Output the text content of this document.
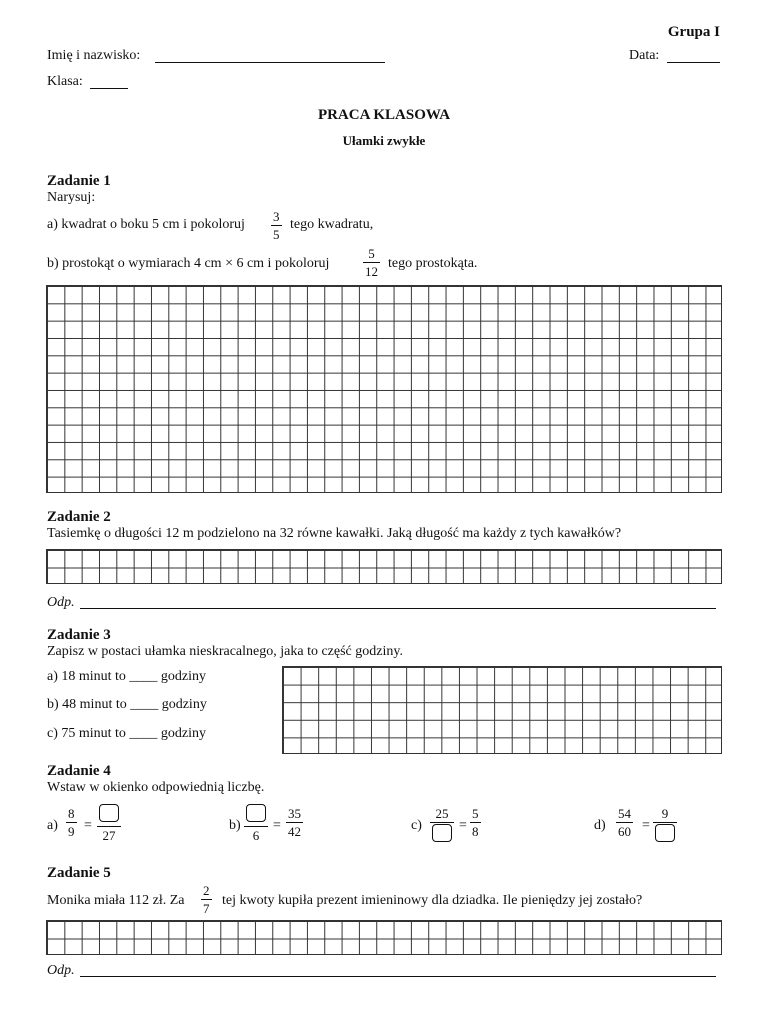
Grupa I
Imię i nazwisko:	Data:
Klasa:
PRACA KLASOWA
Ułamki zwykłe
Zadanie 1
Narysuj:
a) kwadrat o boku 5 cm i pokoloruj
3
5
tego kwadratu,
b) prostokąt o wymiarach 4 cm × 6 cm i pokoloruj
5
12
tego prostokąta.
Zadanie 2
Tasiemkę o długości 12 m podzielono na 32 równe kawałki. Jaką długość ma każdy z tych kawałków?
Odp.
Zadanie 3
Zapisz w postaci ułamka nieskracalnego, jaka to część godziny.
a) 18 minut to ____ godziny
b) 48 minut to ____ godziny
c) 75 minut to ____ godziny
Zadanie 4
Wstaw w okienko odpowiednią liczbę.
a)
8
9 =
27
b)
6
=
35
42	c)
25
=
5
8	d)
54
60 =
9
Zadanie 5
Monika miała 112 zł. Za
2
7
tej kwoty kupiła prezent imieninowy dla dziadka. Ile pieniędzy jej zostało?
Odp.
